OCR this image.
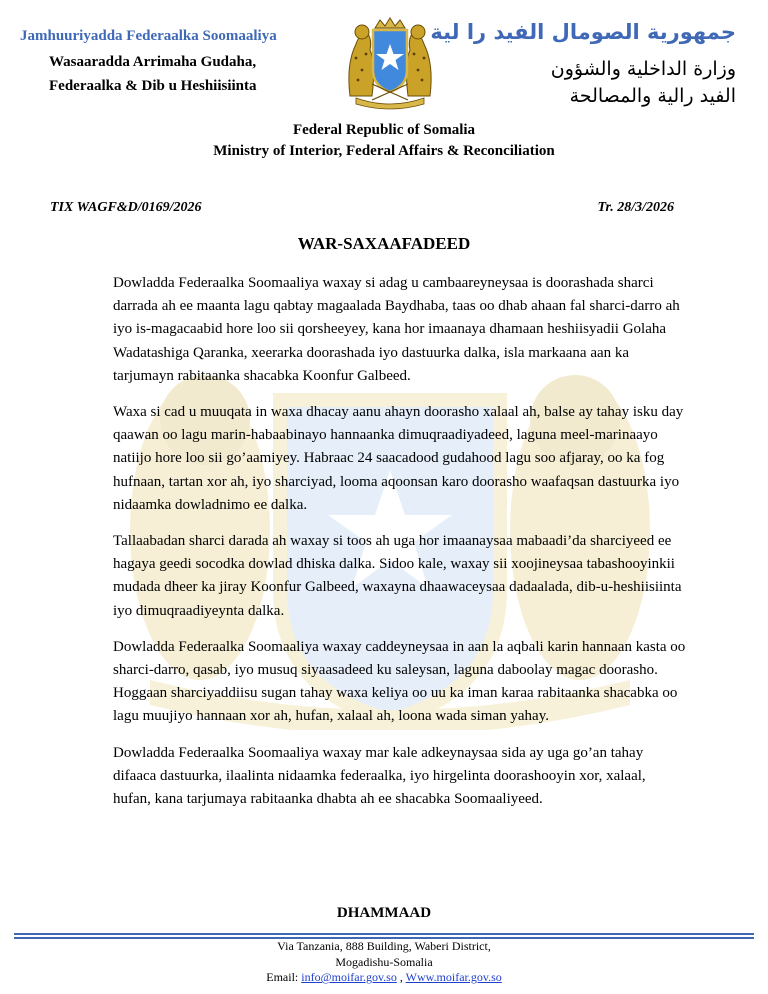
Jamhuuriyadda Federaalka Soomaaliya
Wasaaradda Arrimaha Gudaha,
Federaalka & Dib u Heshiisiinta
جمهورية الصومال الفيد را لية
وزارة الداخلية والشؤون
الفيد رالية والمصالحة
Federal Republic of Somalia
Ministry of Interior, Federal Affairs & Reconciliation
TIX WAGF&D/0169/2026	Tr. 28/3/2026
WAR-SAXAAFADEED

Dowladda Federaalka Soomaaliya waxay si adag u cambaareyneysaa is doorashada sharci darrada ah ee maanta lagu qabtay magaalada Baydhaba, taas oo dhab ahaan fal sharci-darro ah iyo is-magacaabid hore loo sii qorsheeyey, kana hor imaanaya dhamaan heshiisyadii Golaha Wadatashiga Qaranka, xeerarka doorashada iyo dastuurka dalka, isla markaana aan ka tarjumayn rabitaanka shacabka Koonfur Galbeed.

Waxa si cad u muuqata in waxa dhacay aanu ahayn doorasho xalaal ah, balse ay tahay isku day qaawan oo lagu marin-habaabinayo hannaanka dimuqraadiyadeed, laguna meel-marinaayo natiijo hore loo sii go’aamiyey. Habraac 24 saacadood gudahood lagu soo afjaray, oo ka fog hufnaan, tartan xor ah, iyo sharciyad, looma aqoonsan karo doorasho waafaqsan dastuurka iyo nidaamka dowladnimo ee dalka.

Tallaabadan sharci darada ah waxay si toos ah uga hor imaanaysaa mabaadi’da sharciyeed ee hagaya geedi socodka dowlad dhiska dalka. Sidoo kale, waxay sii xoojineysaa tabashooyinkii mudada dheer ka jiray Koonfur Galbeed, waxayna dhaawaceysaa dadaalada, dib-u-heshiisiinta iyo dimuqraadiyeynta dalka.

Dowladda Federaalka Soomaaliya waxay caddeyneysaa in aan la aqbali karin hannaan kasta oo sharci-darro, qasab, iyo musuq siyaasadeed ku saleysan, laguna daboolay magac doorasho. Hoggaan sharciyaddiisu sugan tahay waxa keliya oo uu ka iman karaa rabitaanka shacabka oo lagu muujiyo hannaan xor ah, hufan, xalaal ah, loona wada siman yahay.

Dowladda Federaalka Soomaaliya waxay mar kale adkeynaysaa sida ay uga go’an tahay difaaca dastuurka, ilaalinta nidaamka federaalka, iyo hirgelinta doorashooyin xor, xalaal, hufan, kana tarjumaya rabitaanka dhabta ah ee shacabka Soomaaliyeed.

DHAMMAAD
Via Tanzania, 888 Building, Waberi District,
Mogadishu-Somalia
Email: info@moifar.gov.so , Www.moifar.gov.so
